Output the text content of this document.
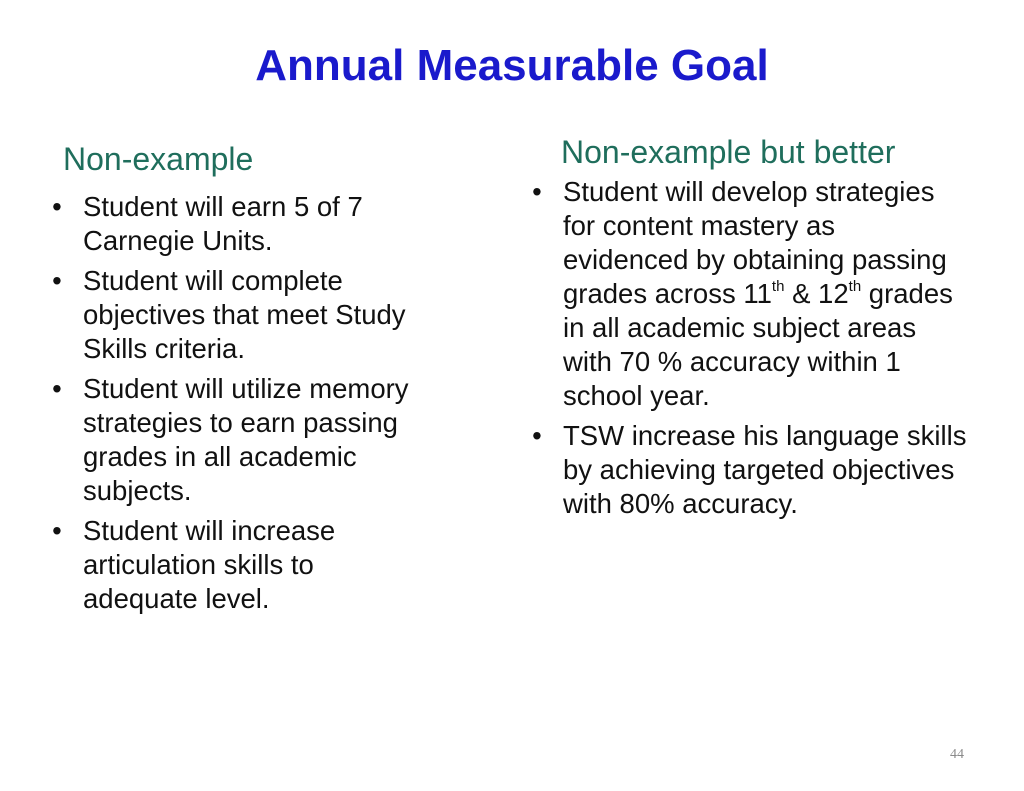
Annual Measurable Goal
Non-example
• Student will earn 5 of 7 Carnegie Units.
• Student will complete objectives that meet Study Skills criteria.
• Student will utilize memory strategies to earn passing grades in all academic subjects.
• Student will increase articulation skills to adequate level.
Non-example but better
• Student will develop strategies for content mastery as evidenced by obtaining passing grades across 11th & 12th grades in all academic subject areas with 70 % accuracy within 1 school year.
• TSW increase his language skills by achieving targeted objectives with 80% accuracy.
44
